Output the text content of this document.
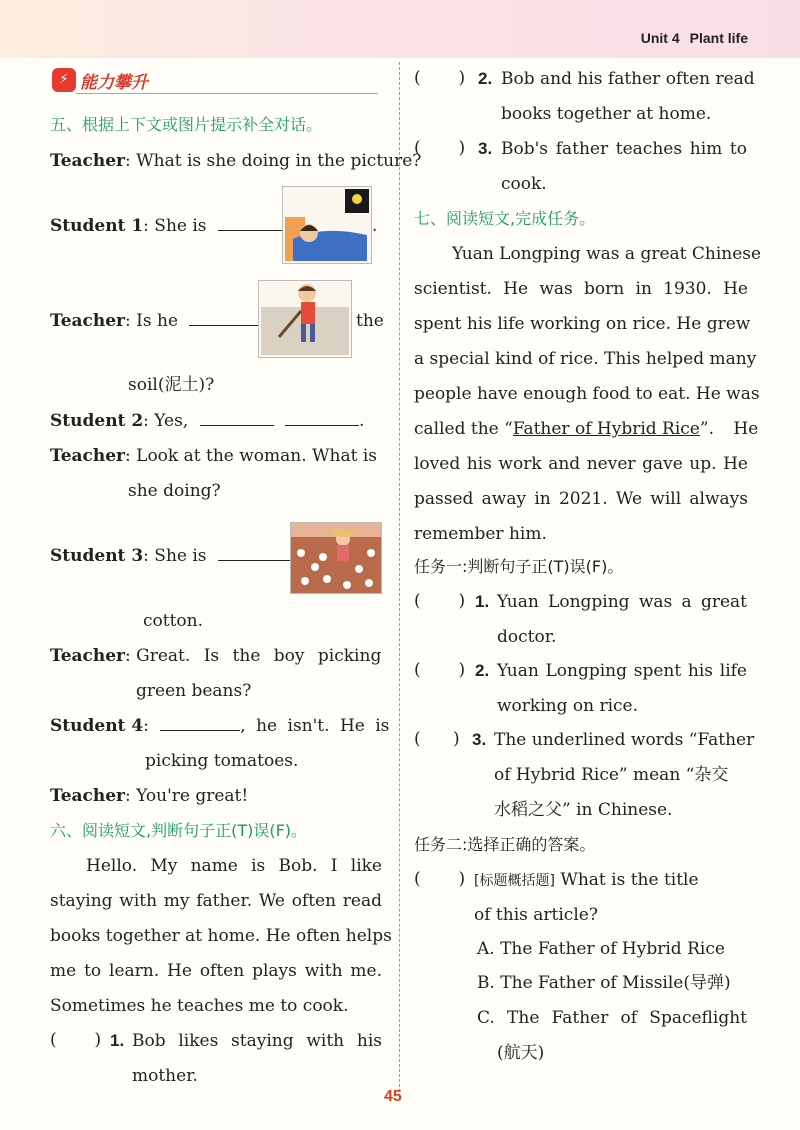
Unit 4 Plant life
⚡ 能力攀升
五、根据上下文或图片提示补全对话。
Teacher: What is she doing in the picture?
Student 1: She is	.
Teacher: Is he	the
soil(泥土)?
Student 2: Yes,	.
Teacher: Look at the woman. What is
she doing?
Student 3: She is
cotton.
Teacher: Great. Is the boy picking
green beans?
Student 4:	, he isn't. He is
picking tomatoes.
Teacher: You're great!
六、阅读短文,判断句子正(T)误(F)。
Hello. My name is Bob. I like
staying with my father. We often read
books together at home. He often helps
me to learn. He often plays with me.
Sometimes he teaches me to cook.
(       ) 1. Bob likes staying with his
mother.
(       ) 2. Bob and his father often read
books together at home.
(       ) 3. Bob's father teaches him to
cook.
七、阅读短文,完成任务。
Yuan Longping was a great Chinese
scientist. He was born in 1930. He
spent his life working on rice. He grew
a special kind of rice. This helped many
people have enough food to eat. He was
called the “Father of Hybrid Rice”. He
loved his work and never gave up. He
passed away in 2021. We will always
remember him.
任务一:判断句子正(T)误(F)。
(       ) 1. Yuan Longping was a great
doctor.
(       ) 2. Yuan Longping spent his life
working on rice.
(      ) 3. The underlined words “Father
of Hybrid Rice” mean “杂交
水稻之父” in Chinese.
任务二:选择正确的答案。
(       ) [标题概括题] What is the title
of this article?
A. The Father of Hybrid Rice
B. The Father of Missile(导弹)
C. The Father of Spaceflight
(航天)
45
